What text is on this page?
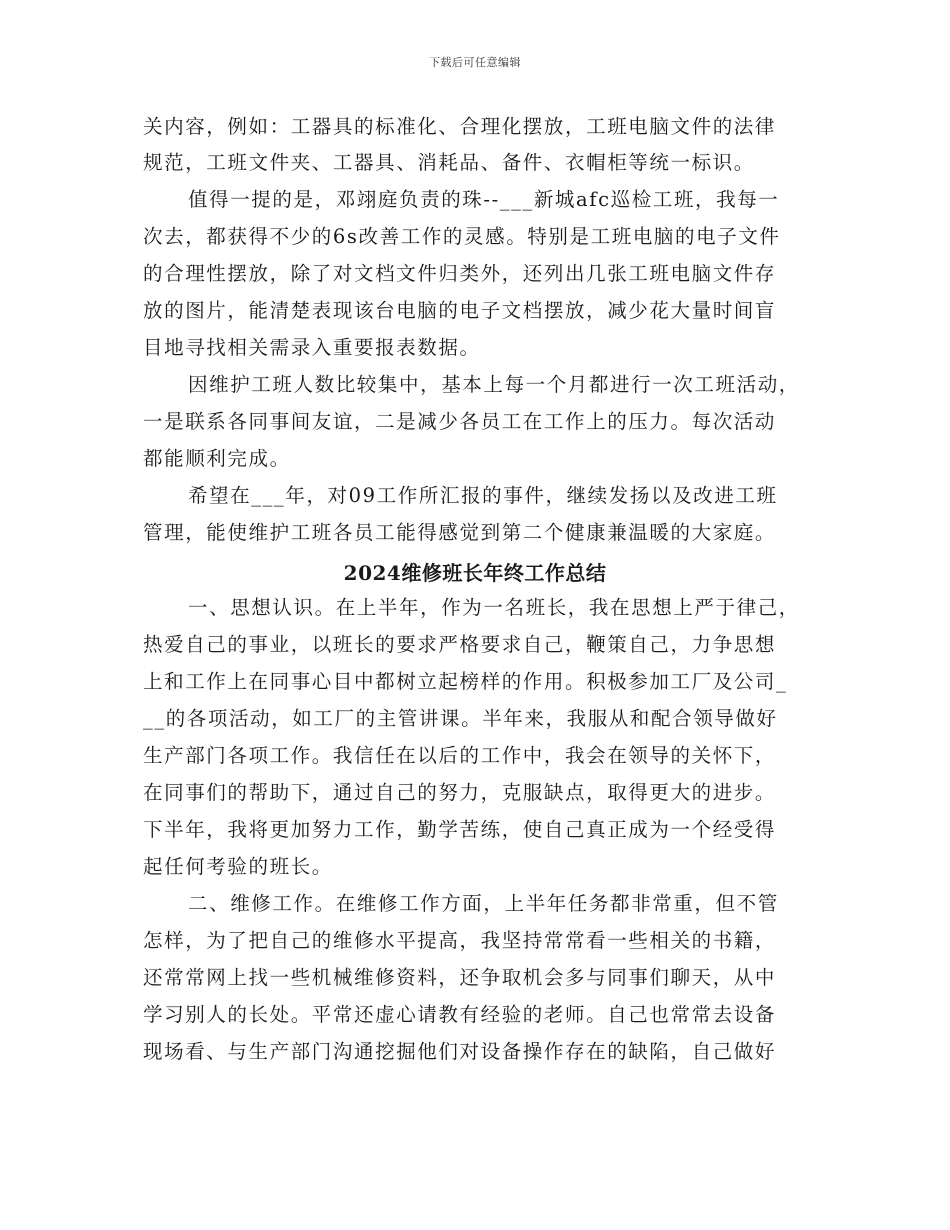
下载后可任意编辑
关内容，例如：工器具的标准化、合理化摆放，工班电脑文件的法律
规范，工班文件夹、工器具、消耗品、备件、衣帽柜等统一标识。
值得一提的是，邓翊庭负责的珠--___新城afc巡检工班，我每一
次去，都获得不少的6s改善工作的灵感。特别是工班电脑的电子文件
的合理性摆放，除了对文档文件归类外，还列出几张工班电脑文件存
放的图片，能清楚表现该台电脑的电子文档摆放，减少花大量时间盲
目地寻找相关需录入重要报表数据。
因维护工班人数比较集中，基本上每一个月都进行一次工班活动，
一是联系各同事间友谊，二是减少各员工在工作上的压力。每次活动
都能顺利完成。
希望在___年，对09工作所汇报的事件，继续发扬以及改进工班
管理，能使维护工班各员工能得感觉到第二个健康兼温暖的大家庭。
2024维修班长年终工作总结
一、思想认识。在上半年，作为一名班长，我在思想上严于律己，
热爱自己的事业，以班长的要求严格要求自己，鞭策自己，力争思想
上和工作上在同事心目中都树立起榜样的作用。积极参加工厂及公司_
__的各项活动，如工厂的主管讲课。半年来，我服从和配合领导做好
生产部门各项工作。我信任在以后的工作中，我会在领导的关怀下，
在同事们的帮助下，通过自己的努力，克服缺点，取得更大的进步。
下半年，我将更加努力工作，勤学苦练，使自己真正成为一个经受得
起任何考验的班长。
二、维修工作。在维修工作方面，上半年任务都非常重，但不管
怎样，为了把自己的维修水平提高，我坚持常常看一些相关的书籍，
还常常网上找一些机械维修资料，还争取机会多与同事们聊天，从中
学习别人的长处。平常还虚心请教有经验的老师。自己也常常去设备
现场看、与生产部门沟通挖掘他们对设备操作存在的缺陷，自己做好
